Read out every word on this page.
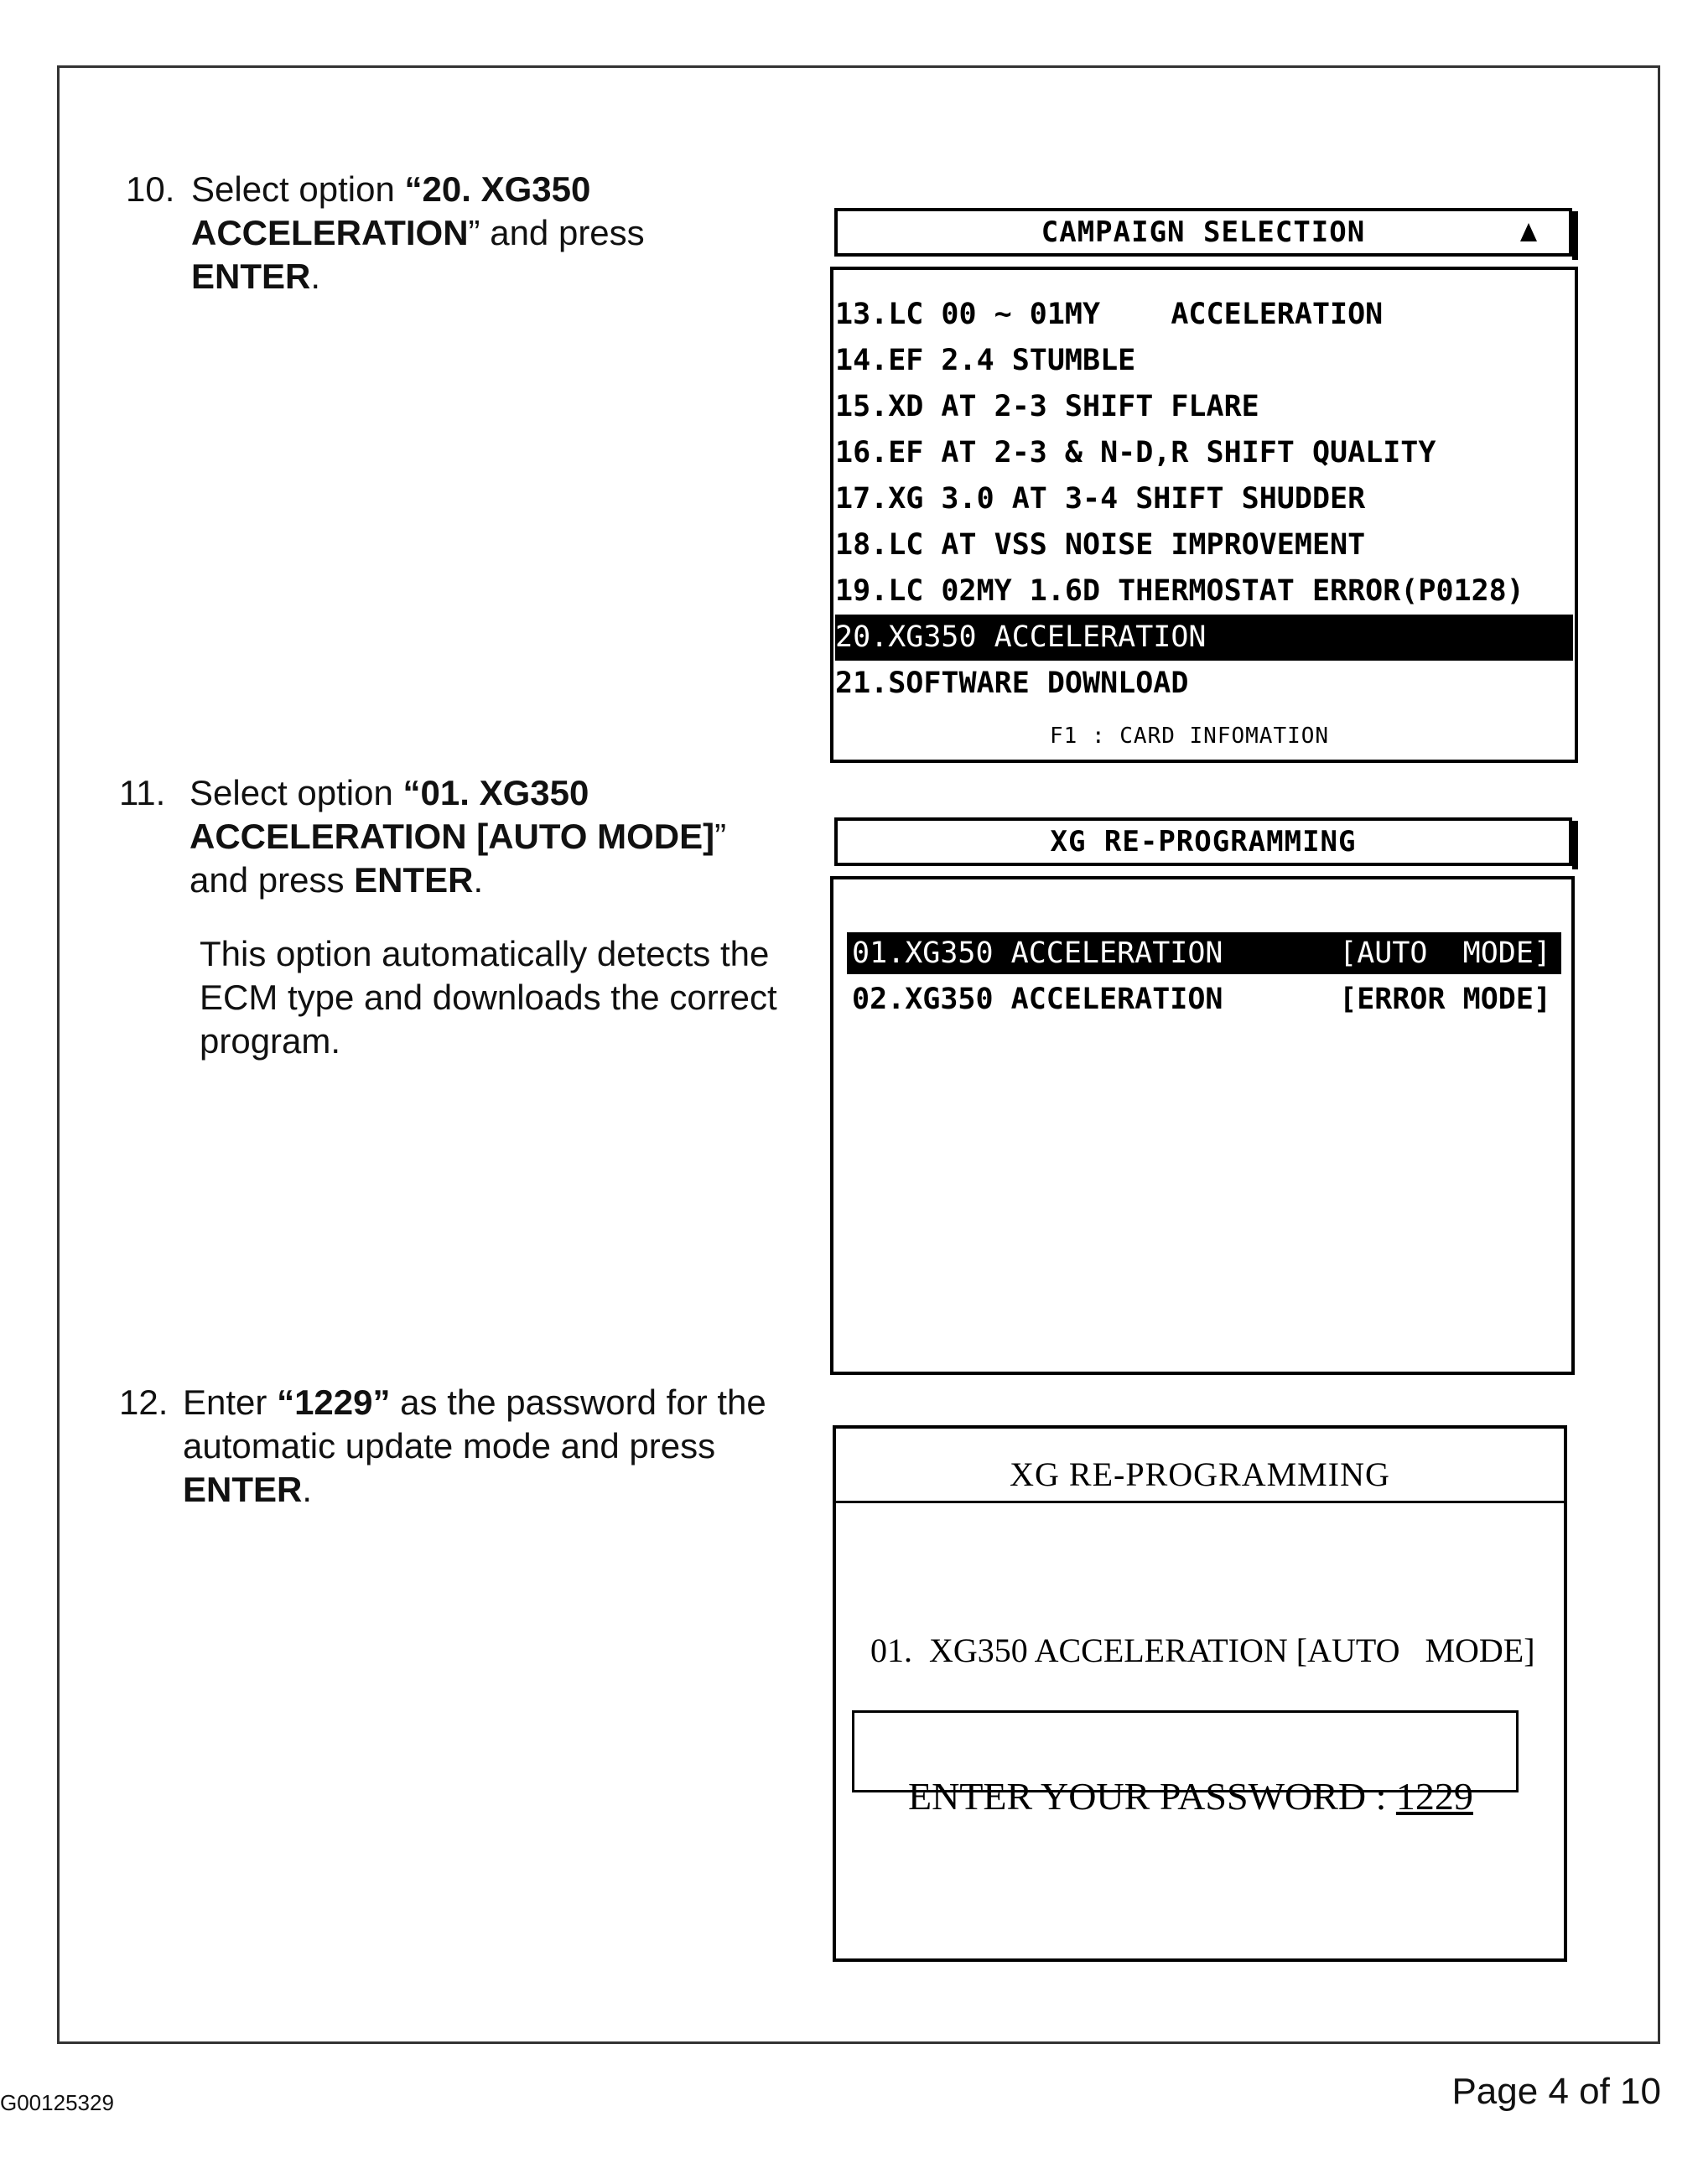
10. Select option “20. XG350 ACCELERATION” and press ENTER.
11. Select option “01. XG350 ACCELERATION [AUTO MODE]” and press ENTER.
This option automatically detects the ECM type and downloads the correct program.
12. Enter “1229” as the password for the automatic update mode and press ENTER.
CAMPAIGN SELECTION
13.LC 00 ~ 01MY    ACCELERATION
14.EF 2.4 STUMBLE
15.XD AT 2-3 SHIFT FLARE
16.EF AT 2-3 & N-D,R SHIFT QUALITY
17.XG 3.0 AT 3-4 SHIFT SHUDDER
18.LC AT VSS NOISE IMPROVEMENT
19.LC 02MY 1.6D THERMOSTAT ERROR(P0128)
20.XG350 ACCELERATION
21.SOFTWARE DOWNLOAD
F1 : CARD INFOMATION
XG RE-PROGRAMMING
01.XG350 ACCELERATION	[AUTO  MODE]
02.XG350 ACCELERATION	[ERROR MODE]
XG RE-PROGRAMMING

01. XG350 ACCELERATION [AUTO   MODE]

ENTER YOUR PASSWORD : 1229

G00125329	Page 4 of 10
